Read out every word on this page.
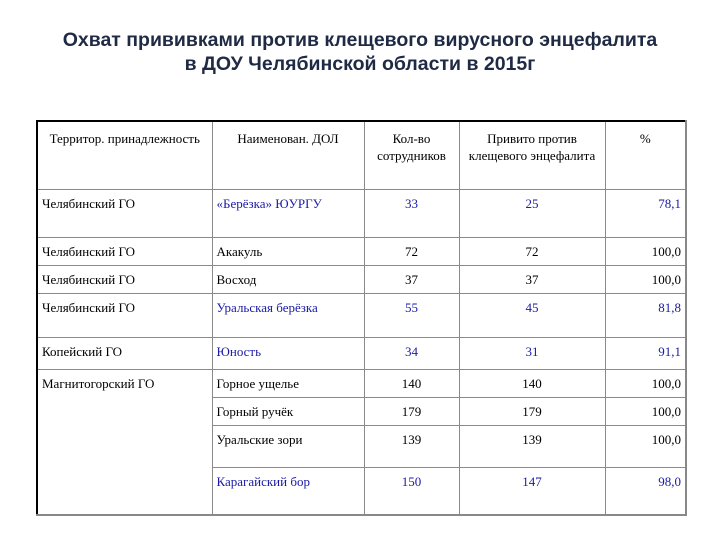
Охват прививками против клещевого вирусного энцефалита
в ДОУ Челябинской области в 2015г
Территор. принадлежность	Наименован. ДОЛ	Кол-во сотрудников	Привито против клещевого энцефалита	%
Челябинский ГО	«Берёзка» ЮУРГУ	33	25	78,1
Челябинский ГО	Акакуль	72	72	100,0
Челябинский ГО	Восход	37	37	100,0
Челябинский ГО	Уральская берёзка	55	45	81,8
Копейский ГО	Юность	34	31	91,1
Магнитогорский ГО	Горное ущелье	140	140	100,0
	Горный ручёк	179	179	100,0
	Уральские зори	139	139	100,0
	Карагайский бор	150	147	98,0
